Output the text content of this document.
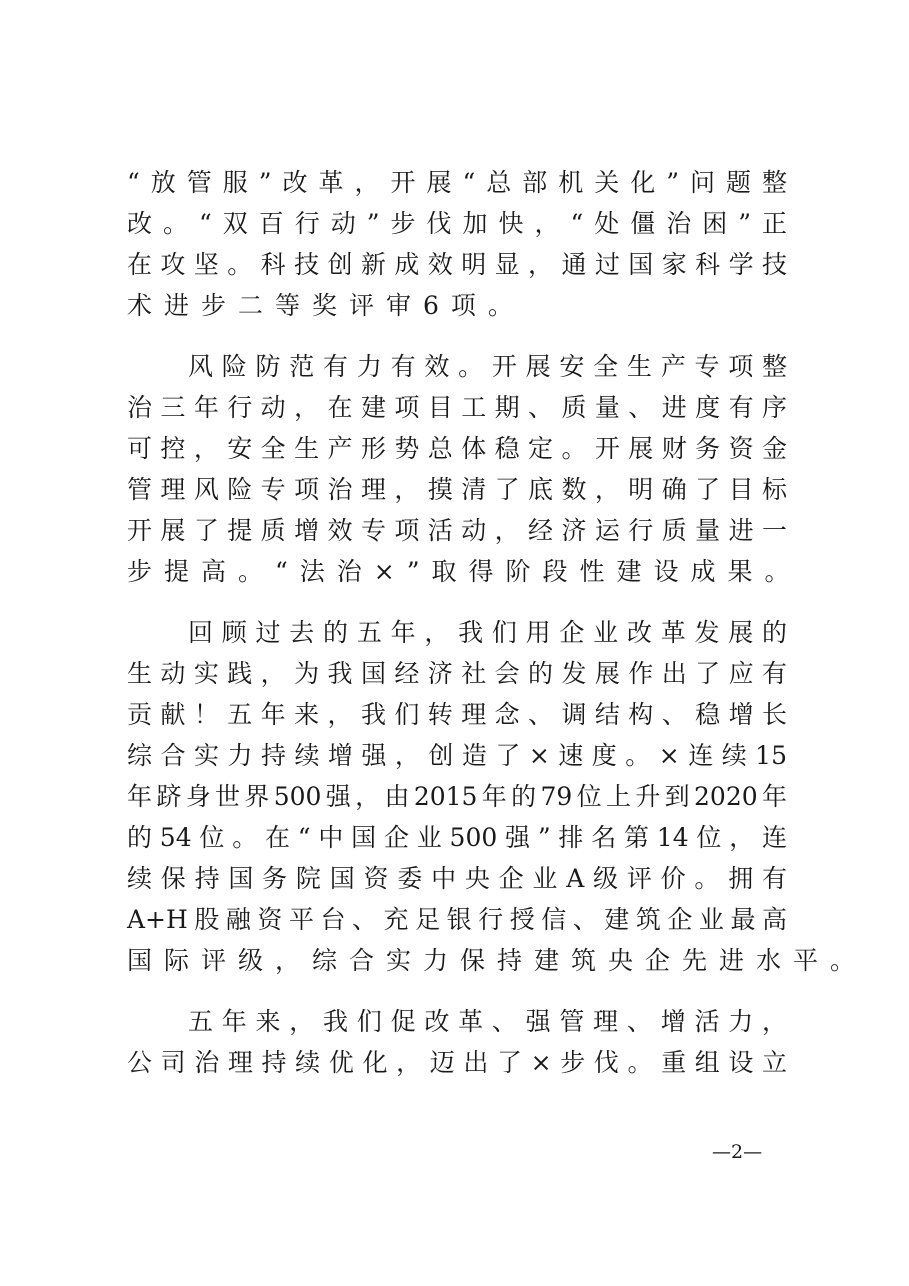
“放管服”改革，开展“总部机关化”问题整
改。“双百行动”步伐加快，“处僵治困”正
在攻坚。科技创新成效明显，通过国家科学技
术进步二等奖评审6项。
风险防范有力有效。开展安全生产专项整
治三年行动，在建项目工期、质量、进度有序
可控，安全生产形势总体稳定。开展财务资金
管理风险专项治理，摸清了底数，明确了目标
开展了提质增效专项活动，经济运行质量进一
步提高。“法治×”取得阶段性建设成果。
回顾过去的五年，我们用企业改革发展的
生动实践，为我国经济社会的发展作出了应有
贡献！五年来，我们转理念、调结构、稳增长
综合实力持续增强，创造了×速度。×连续15
年跻身世界500强，由2015年的79位上升到2020年
的54位。在“中国企业500强”排名第14位，连
续保持国务院国资委中央企业A级评价。拥有
A+H股融资平台、充足银行授信、建筑企业最高
国际评级，综合实力保持建筑央企先进水平。
五年来，我们促改革、强管理、增活力，
公司治理持续优化，迈出了×步伐。重组设立
—2—
